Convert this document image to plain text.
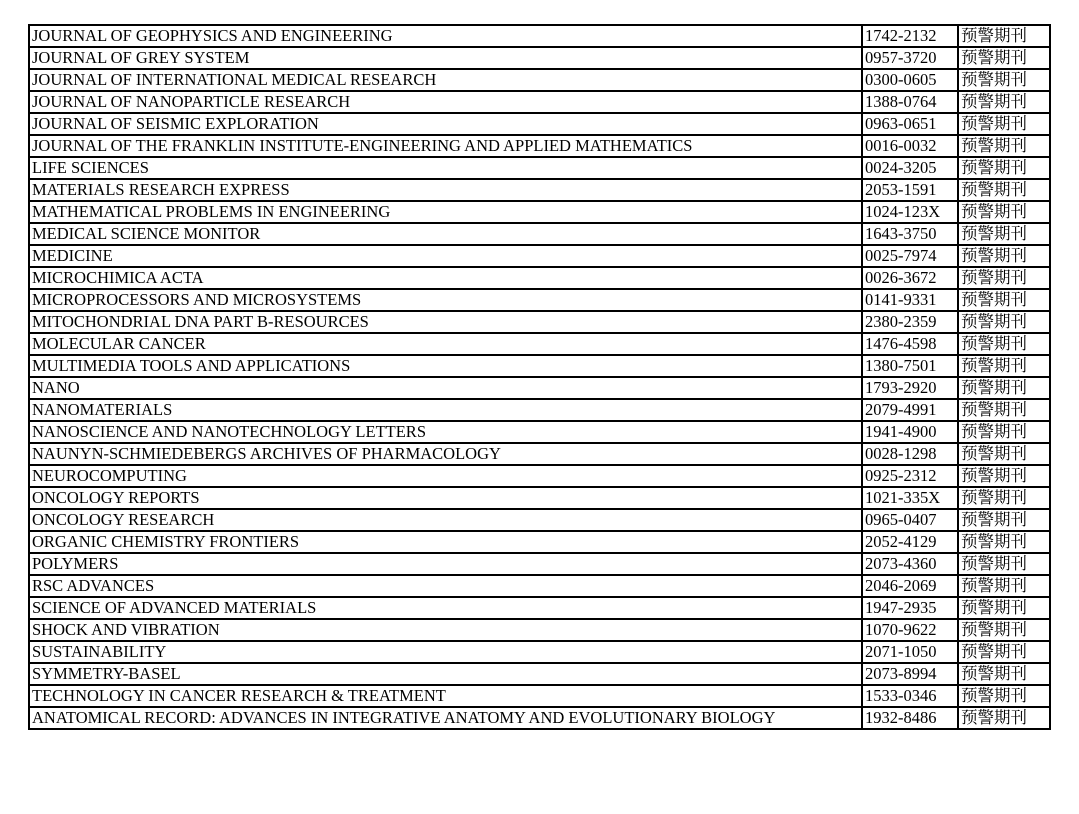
JOURNAL OF GEOPHYSICS AND ENGINEERING	1742-2132	预警期刊
JOURNAL OF GREY SYSTEM	0957-3720	预警期刊
JOURNAL OF INTERNATIONAL MEDICAL RESEARCH	0300-0605	预警期刊
JOURNAL OF NANOPARTICLE RESEARCH	1388-0764	预警期刊
JOURNAL OF SEISMIC EXPLORATION	0963-0651	预警期刊
JOURNAL OF THE FRANKLIN INSTITUTE-ENGINEERING AND APPLIED MATHEMATICS	0016-0032	预警期刊
LIFE SCIENCES	0024-3205	预警期刊
MATERIALS RESEARCH EXPRESS	2053-1591	预警期刊
MATHEMATICAL PROBLEMS IN ENGINEERING	1024-123X	预警期刊
MEDICAL SCIENCE MONITOR	1643-3750	预警期刊
MEDICINE	0025-7974	预警期刊
MICROCHIMICA ACTA	0026-3672	预警期刊
MICROPROCESSORS AND MICROSYSTEMS	0141-9331	预警期刊
MITOCHONDRIAL DNA PART B-RESOURCES	2380-2359	预警期刊
MOLECULAR CANCER	1476-4598	预警期刊
MULTIMEDIA TOOLS AND APPLICATIONS	1380-7501	预警期刊
NANO	1793-2920	预警期刊
NANOMATERIALS	2079-4991	预警期刊
NANOSCIENCE AND NANOTECHNOLOGY LETTERS	1941-4900	预警期刊
NAUNYN-SCHMIEDEBERGS ARCHIVES OF PHARMACOLOGY	0028-1298	预警期刊
NEUROCOMPUTING	0925-2312	预警期刊
ONCOLOGY REPORTS	1021-335X	预警期刊
ONCOLOGY RESEARCH	0965-0407	预警期刊
ORGANIC CHEMISTRY FRONTIERS	2052-4129	预警期刊
POLYMERS	2073-4360	预警期刊
RSC ADVANCES	2046-2069	预警期刊
SCIENCE OF ADVANCED MATERIALS	1947-2935	预警期刊
SHOCK AND VIBRATION	1070-9622	预警期刊
SUSTAINABILITY	2071-1050	预警期刊
SYMMETRY-BASEL	2073-8994	预警期刊
TECHNOLOGY IN CANCER RESEARCH & TREATMENT	1533-0346	预警期刊
ANATOMICAL RECORD: ADVANCES IN INTEGRATIVE ANATOMY AND EVOLUTIONARY BIOLOGY	1932-8486	预警期刊
